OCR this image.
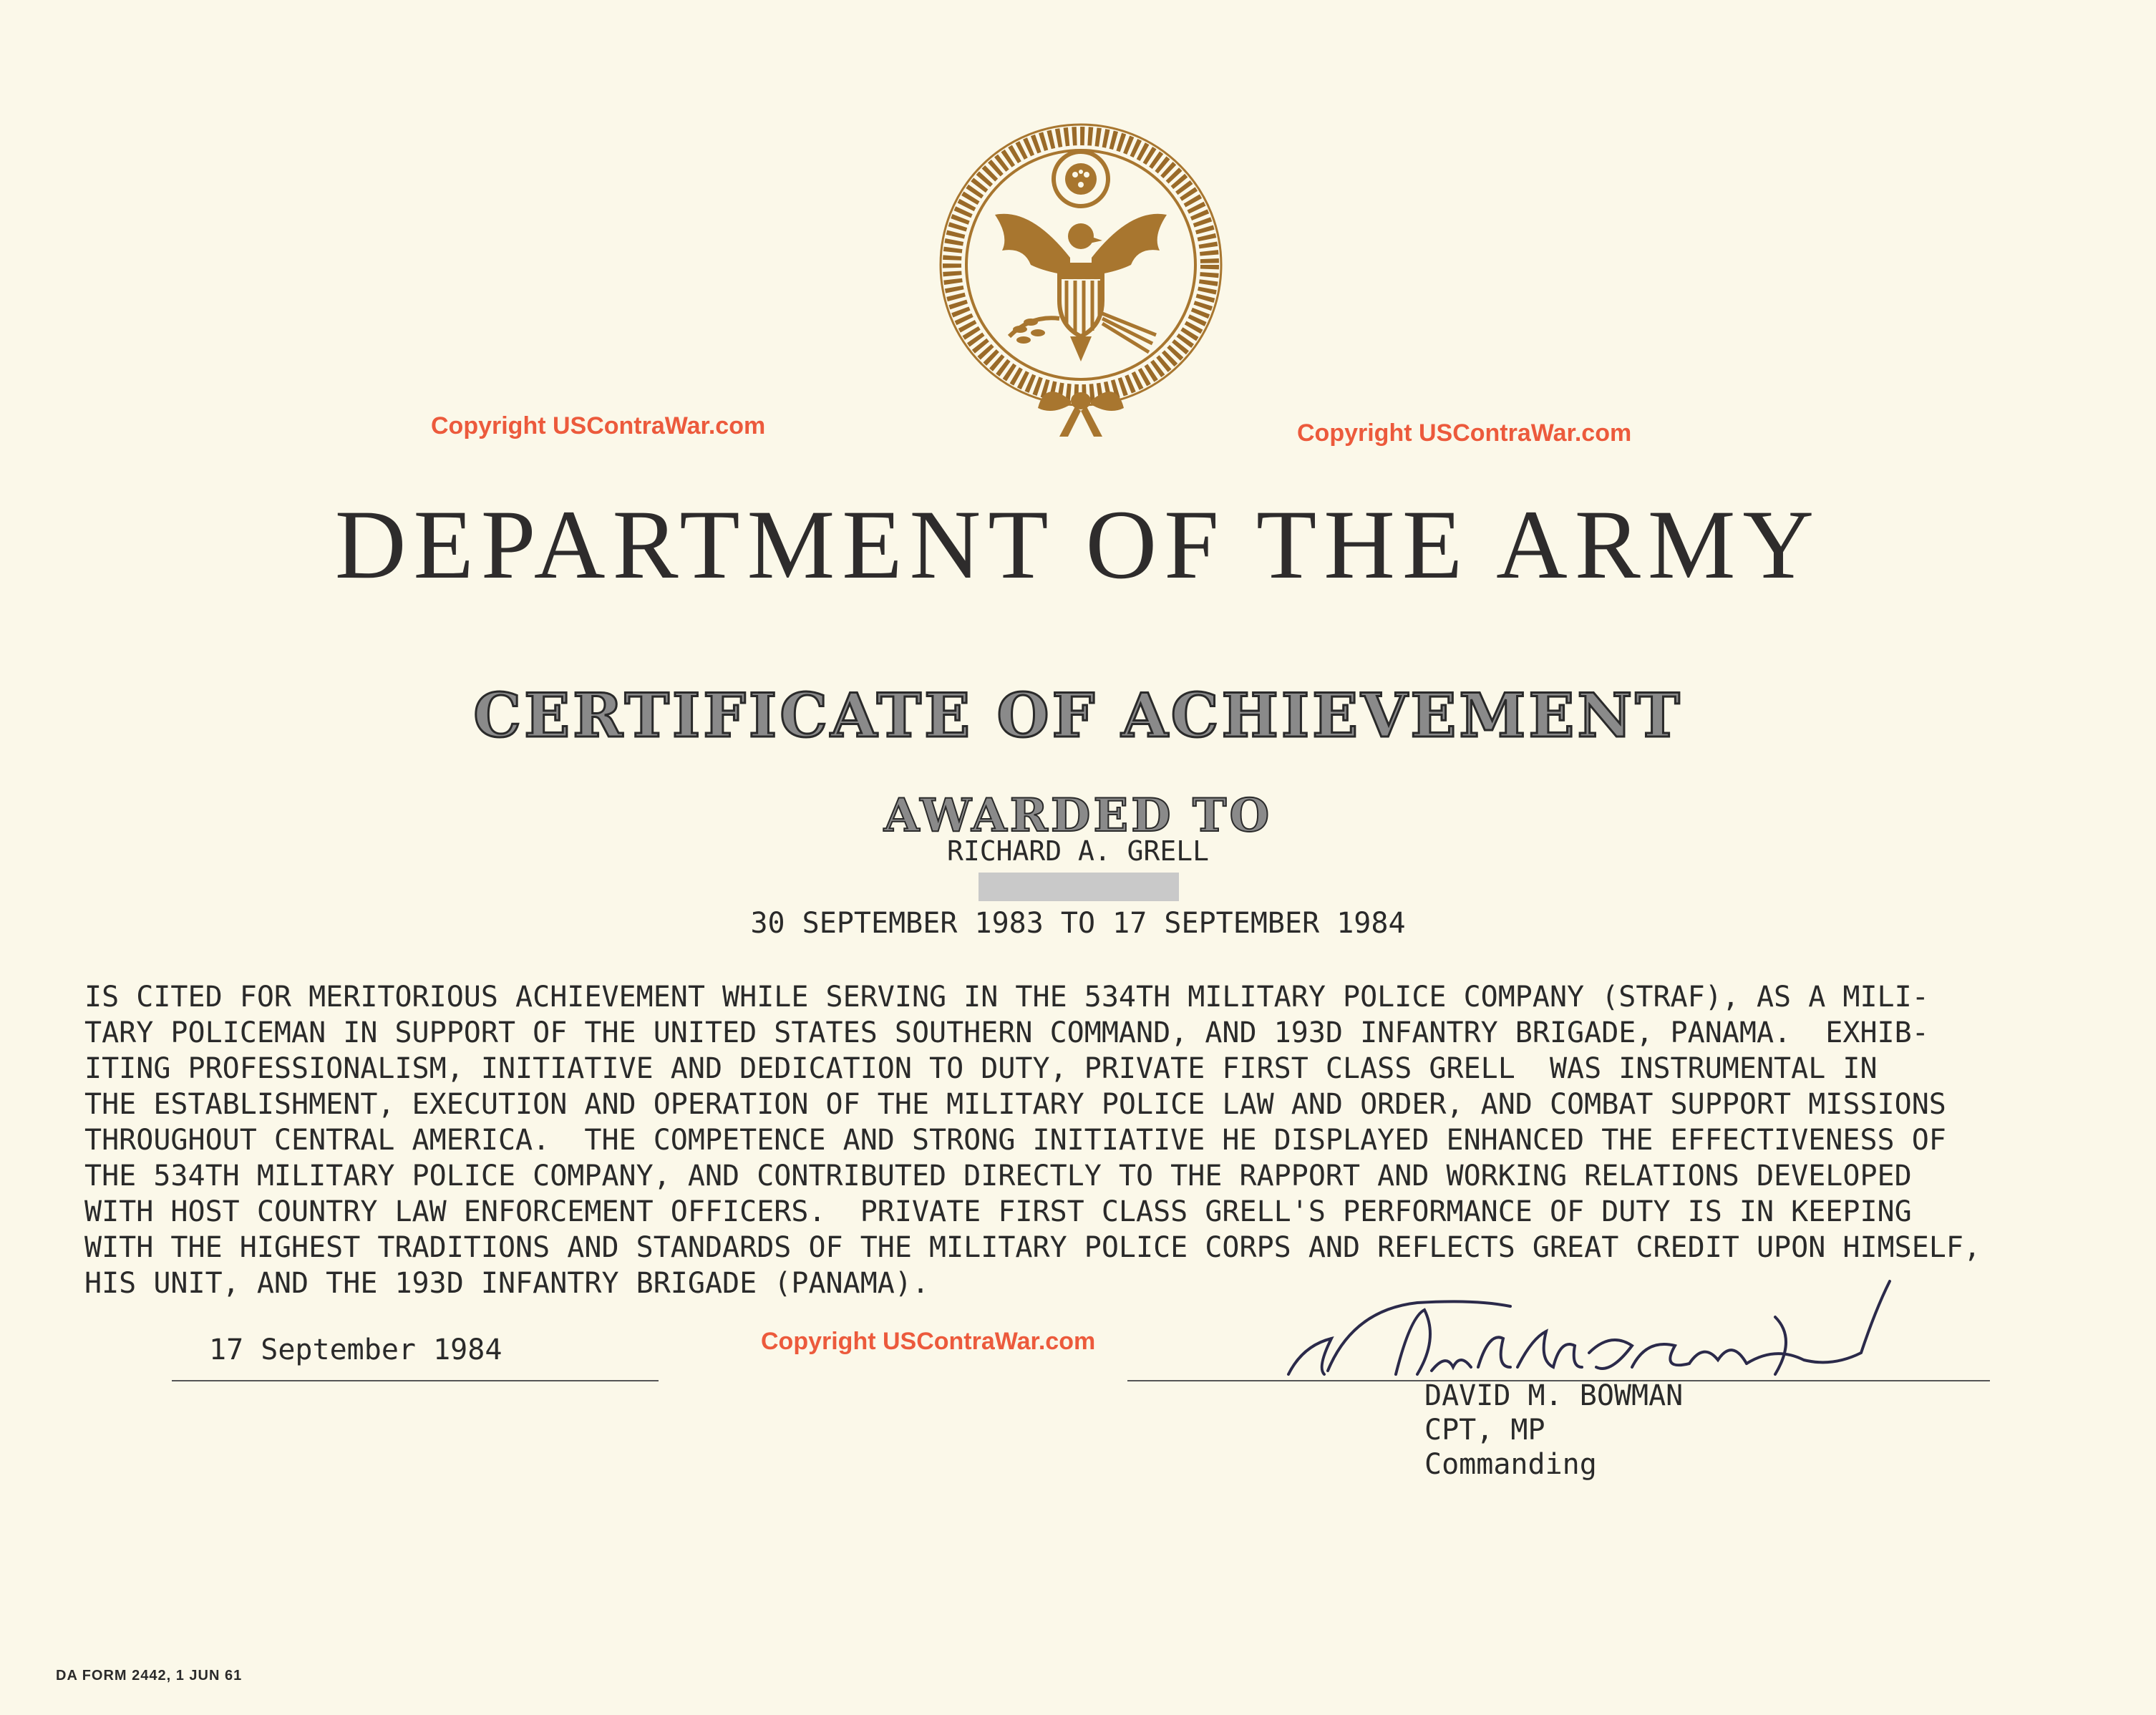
Copyright USContraWar.com	Copyright USContraWar.com
Copyright USContraWar.com
DEPARTMENT OF THE ARMY
CERTIFICATE OF ACHIEVEMENT
AWARDED TO
RICHARD A. GRELL
30 SEPTEMBER 1983 TO 17 SEPTEMBER 1984
IS CITED FOR MERITORIOUS ACHIEVEMENT WHILE SERVING IN THE 534TH MILITARY POLICE COMPANY (STRAF), AS A MILI-
TARY POLICEMAN IN SUPPORT OF THE UNITED STATES SOUTHERN COMMAND, AND 193D INFANTRY BRIGADE, PANAMA.  EXHIB-
ITING PROFESSIONALISM, INITIATIVE AND DEDICATION TO DUTY, PRIVATE FIRST CLASS GRELL  WAS INSTRUMENTAL IN
THE ESTABLISHMENT, EXECUTION AND OPERATION OF THE MILITARY POLICE LAW AND ORDER, AND COMBAT SUPPORT MISSIONS
THROUGHOUT CENTRAL AMERICA.  THE COMPETENCE AND STRONG INITIATIVE HE DISPLAYED ENHANCED THE EFFECTIVENESS OF
THE 534TH MILITARY POLICE COMPANY, AND CONTRIBUTED DIRECTLY TO THE RAPPORT AND WORKING RELATIONS DEVELOPED
WITH HOST COUNTRY LAW ENFORCEMENT OFFICERS.  PRIVATE FIRST CLASS GRELL'S PERFORMANCE OF DUTY IS IN KEEPING
WITH THE HIGHEST TRADITIONS AND STANDARDS OF THE MILITARY POLICE CORPS AND REFLECTS GREAT CREDIT UPON HIMSELF,
HIS UNIT, AND THE 193D INFANTRY BRIGADE (PANAMA).
17 September 1984
DAVID M. BOWMAN
CPT, MP
Commanding
DA FORM 2442, 1 JUN 61
